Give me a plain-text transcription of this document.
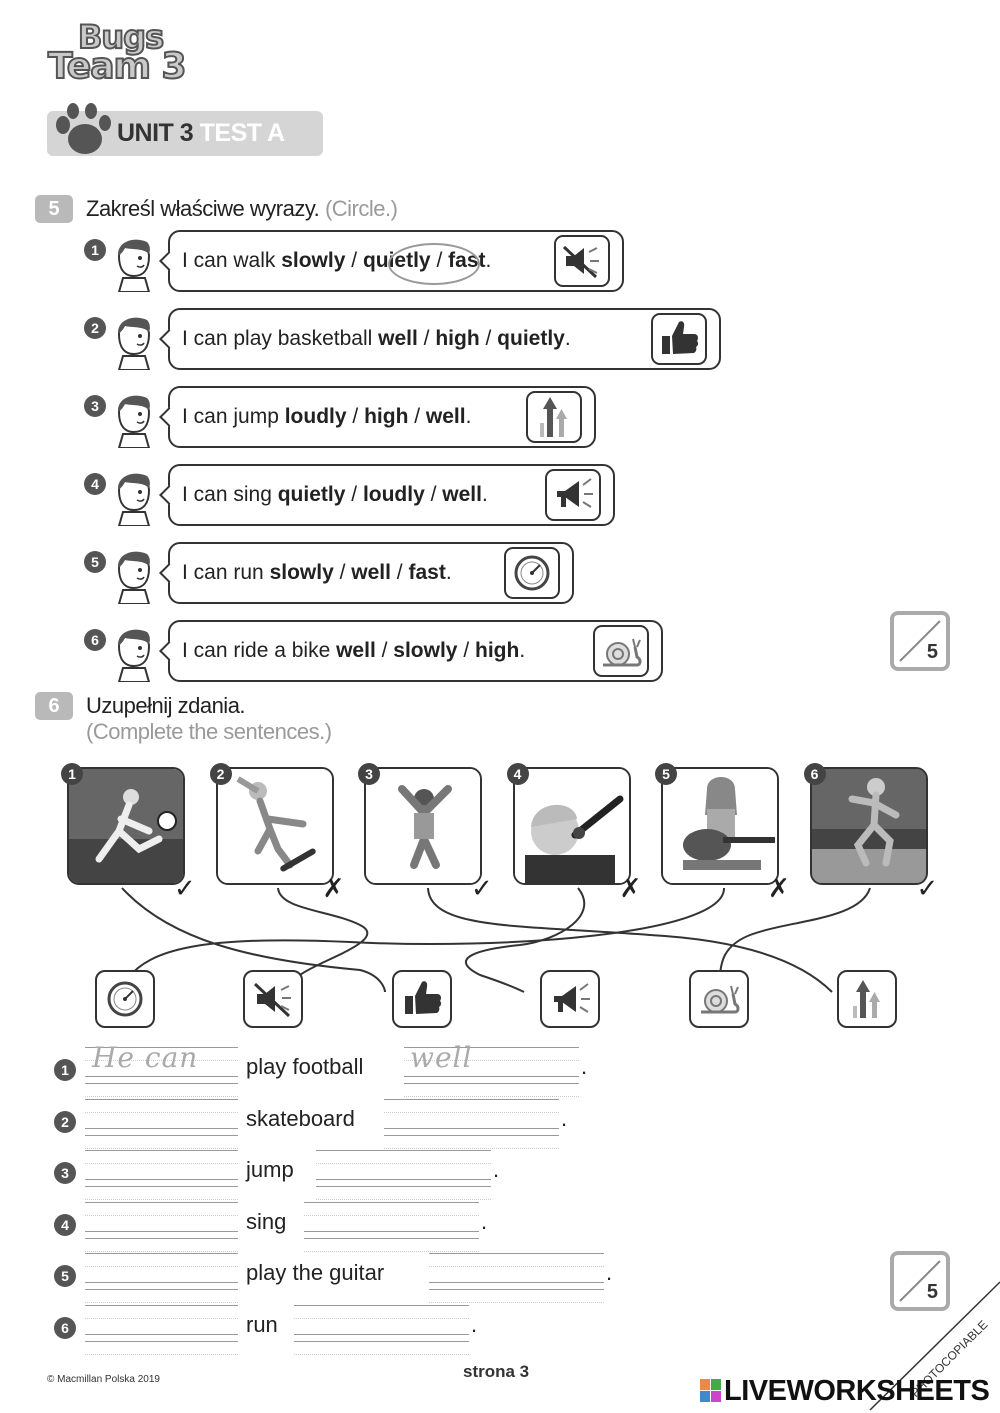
Bugs
Team 3
UNIT 3 TEST A
5	Zakreśl właściwe wyrazy. (Circle.)
1	I can walk slowly / quietly / fast.
2	I can play basketball well / high / quietly.
3	I can jump loudly / high / well.
4	I can sing quietly / loudly / well.
5	I can run slowly / well / fast.
6	I can ride a bike well / slowly / high.	5
6	Uzupełnij zdania.
(Complete the sentences.)
1
✓
2
✗
3
✓
4
✗
5
✗
6
✓
1 He can play football well	.
2	skateboard	.
3	jump	.
4	sing	.
5	play the guitar	.
6	run	.
5
© Macmillan Polska 2019	strona 3	PHOTOCOPIABLE
LIVEWORKSHEETS
